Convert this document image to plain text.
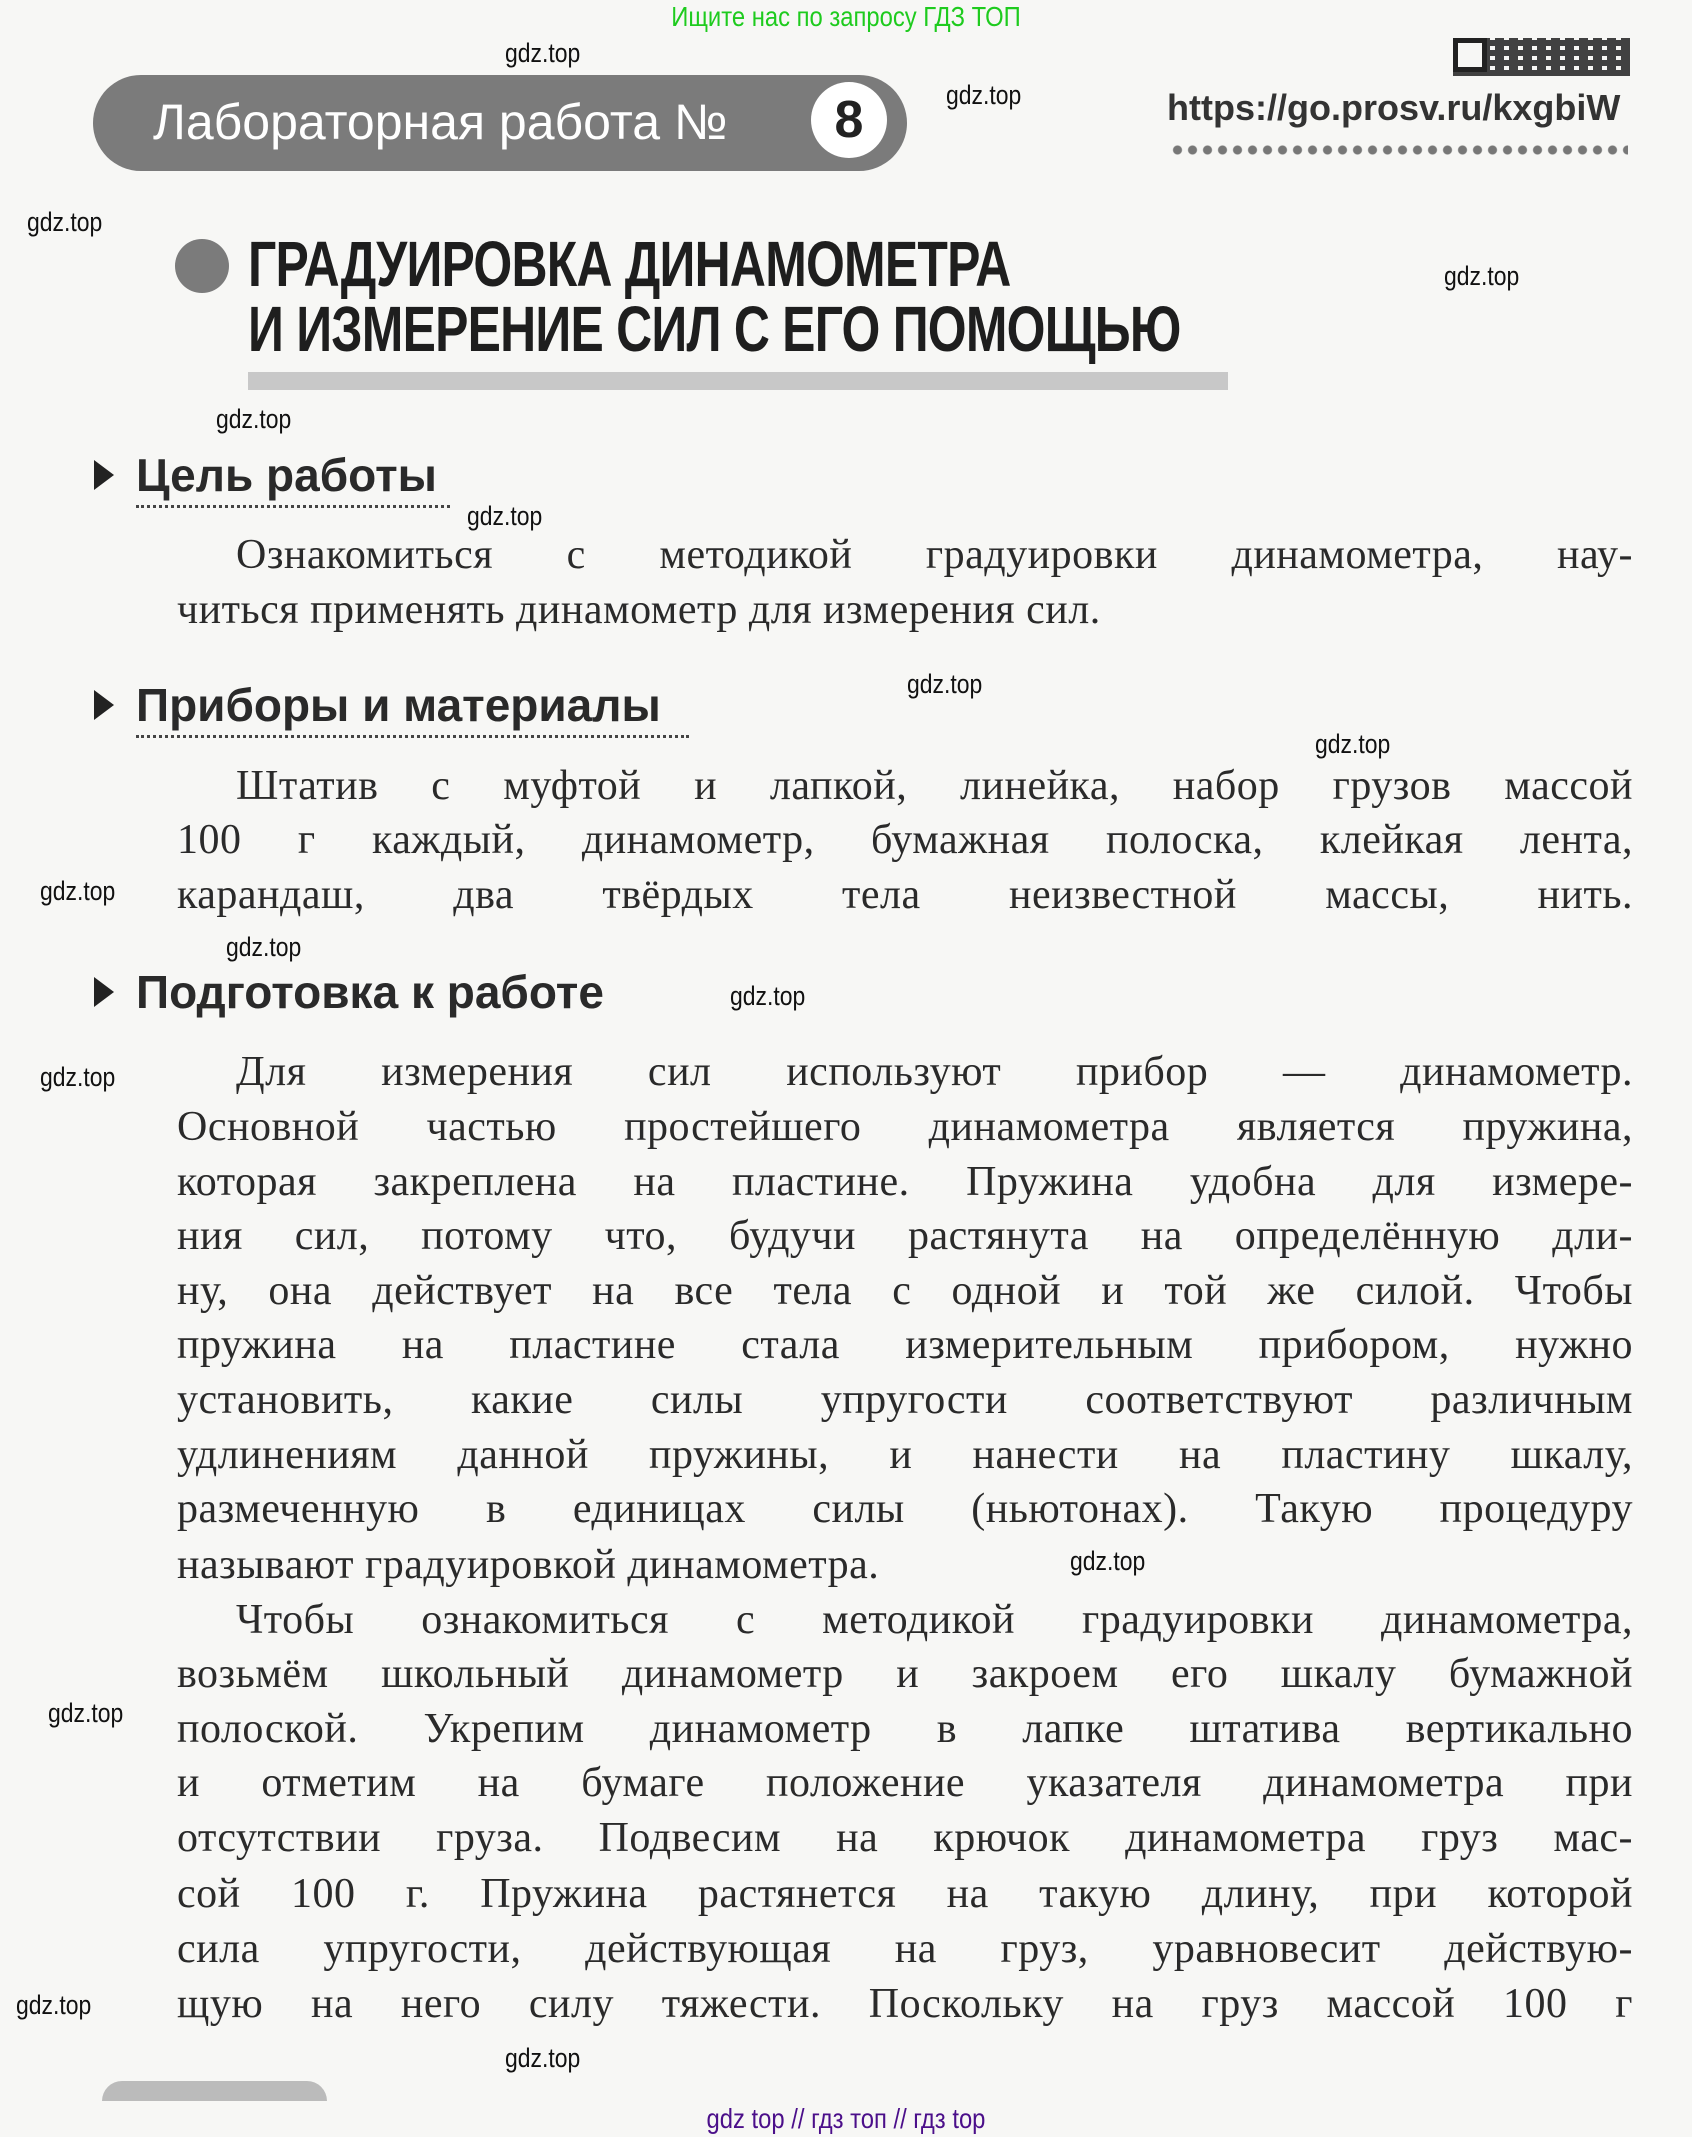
Ищите нас по запросу ГДЗ ТОП
Лабораторная работа №	8	https://go.prosv.ru/kxgbiW
ГРАДУИРОВКА ДИНАМОМЕТРА
И ИЗМЕРЕНИЕ СИЛ С ЕГО ПОМОЩЬЮ
Цель работы
Приборы и материалы
Подготовка к работе
Ознакомиться с методикой градуировки динамометра, нау-
читься применять динамометр для измерения сил.
Штатив с муфтой и лапкой, линейка, набор грузов массой
100 г каждый, динамометр, бумажная полоска, клейкая лента,
карандаш, два твёрдых тела неизвестной массы, нить.
Для измерения сил используют прибор — динамометр.
Основной частью простейшего динамометра является пружина,
которая закреплена на пластине. Пружина удобна для измере-
ния сил, потому что, будучи растянута на определённую дли-
ну, она действует на все тела с одной и той же силой. Чтобы
пружина на пластине стала измерительным прибором, нужно
установить, какие силы упругости соответствуют различным
удлинениям данной пружины, и нанести на пластину шкалу,
размеченную в единицах силы (ньютонах). Такую процедуру
называют градуировкой динамометра.
Чтобы ознакомиться с методикой градуировки динамометра,
возьмём школьный динамометр и закроем его шкалу бумажной
полоской. Укрепим динамометр в лапке штатива вертикально
и отметим на бумаге положение указателя динамометра при
отсутствии груза. Подвесим на крючок динамометра груз мас-
сой 100 г. Пружина растянется на такую длину, при которой
сила упругости, действующая на груз, уравновесит действую-
щую на него силу тяжести. Поскольку на груз массой 100 г
gdz top // гдз топ // гдз top
gdz.top
gdz.top
gdz.top
gdz.top
gdz.top
gdz.top
gdz.top
gdz.top
gdz.top
gdz.top
gdz.top
gdz.top
gdz.top
gdz.top
gdz.top
gdz.top
